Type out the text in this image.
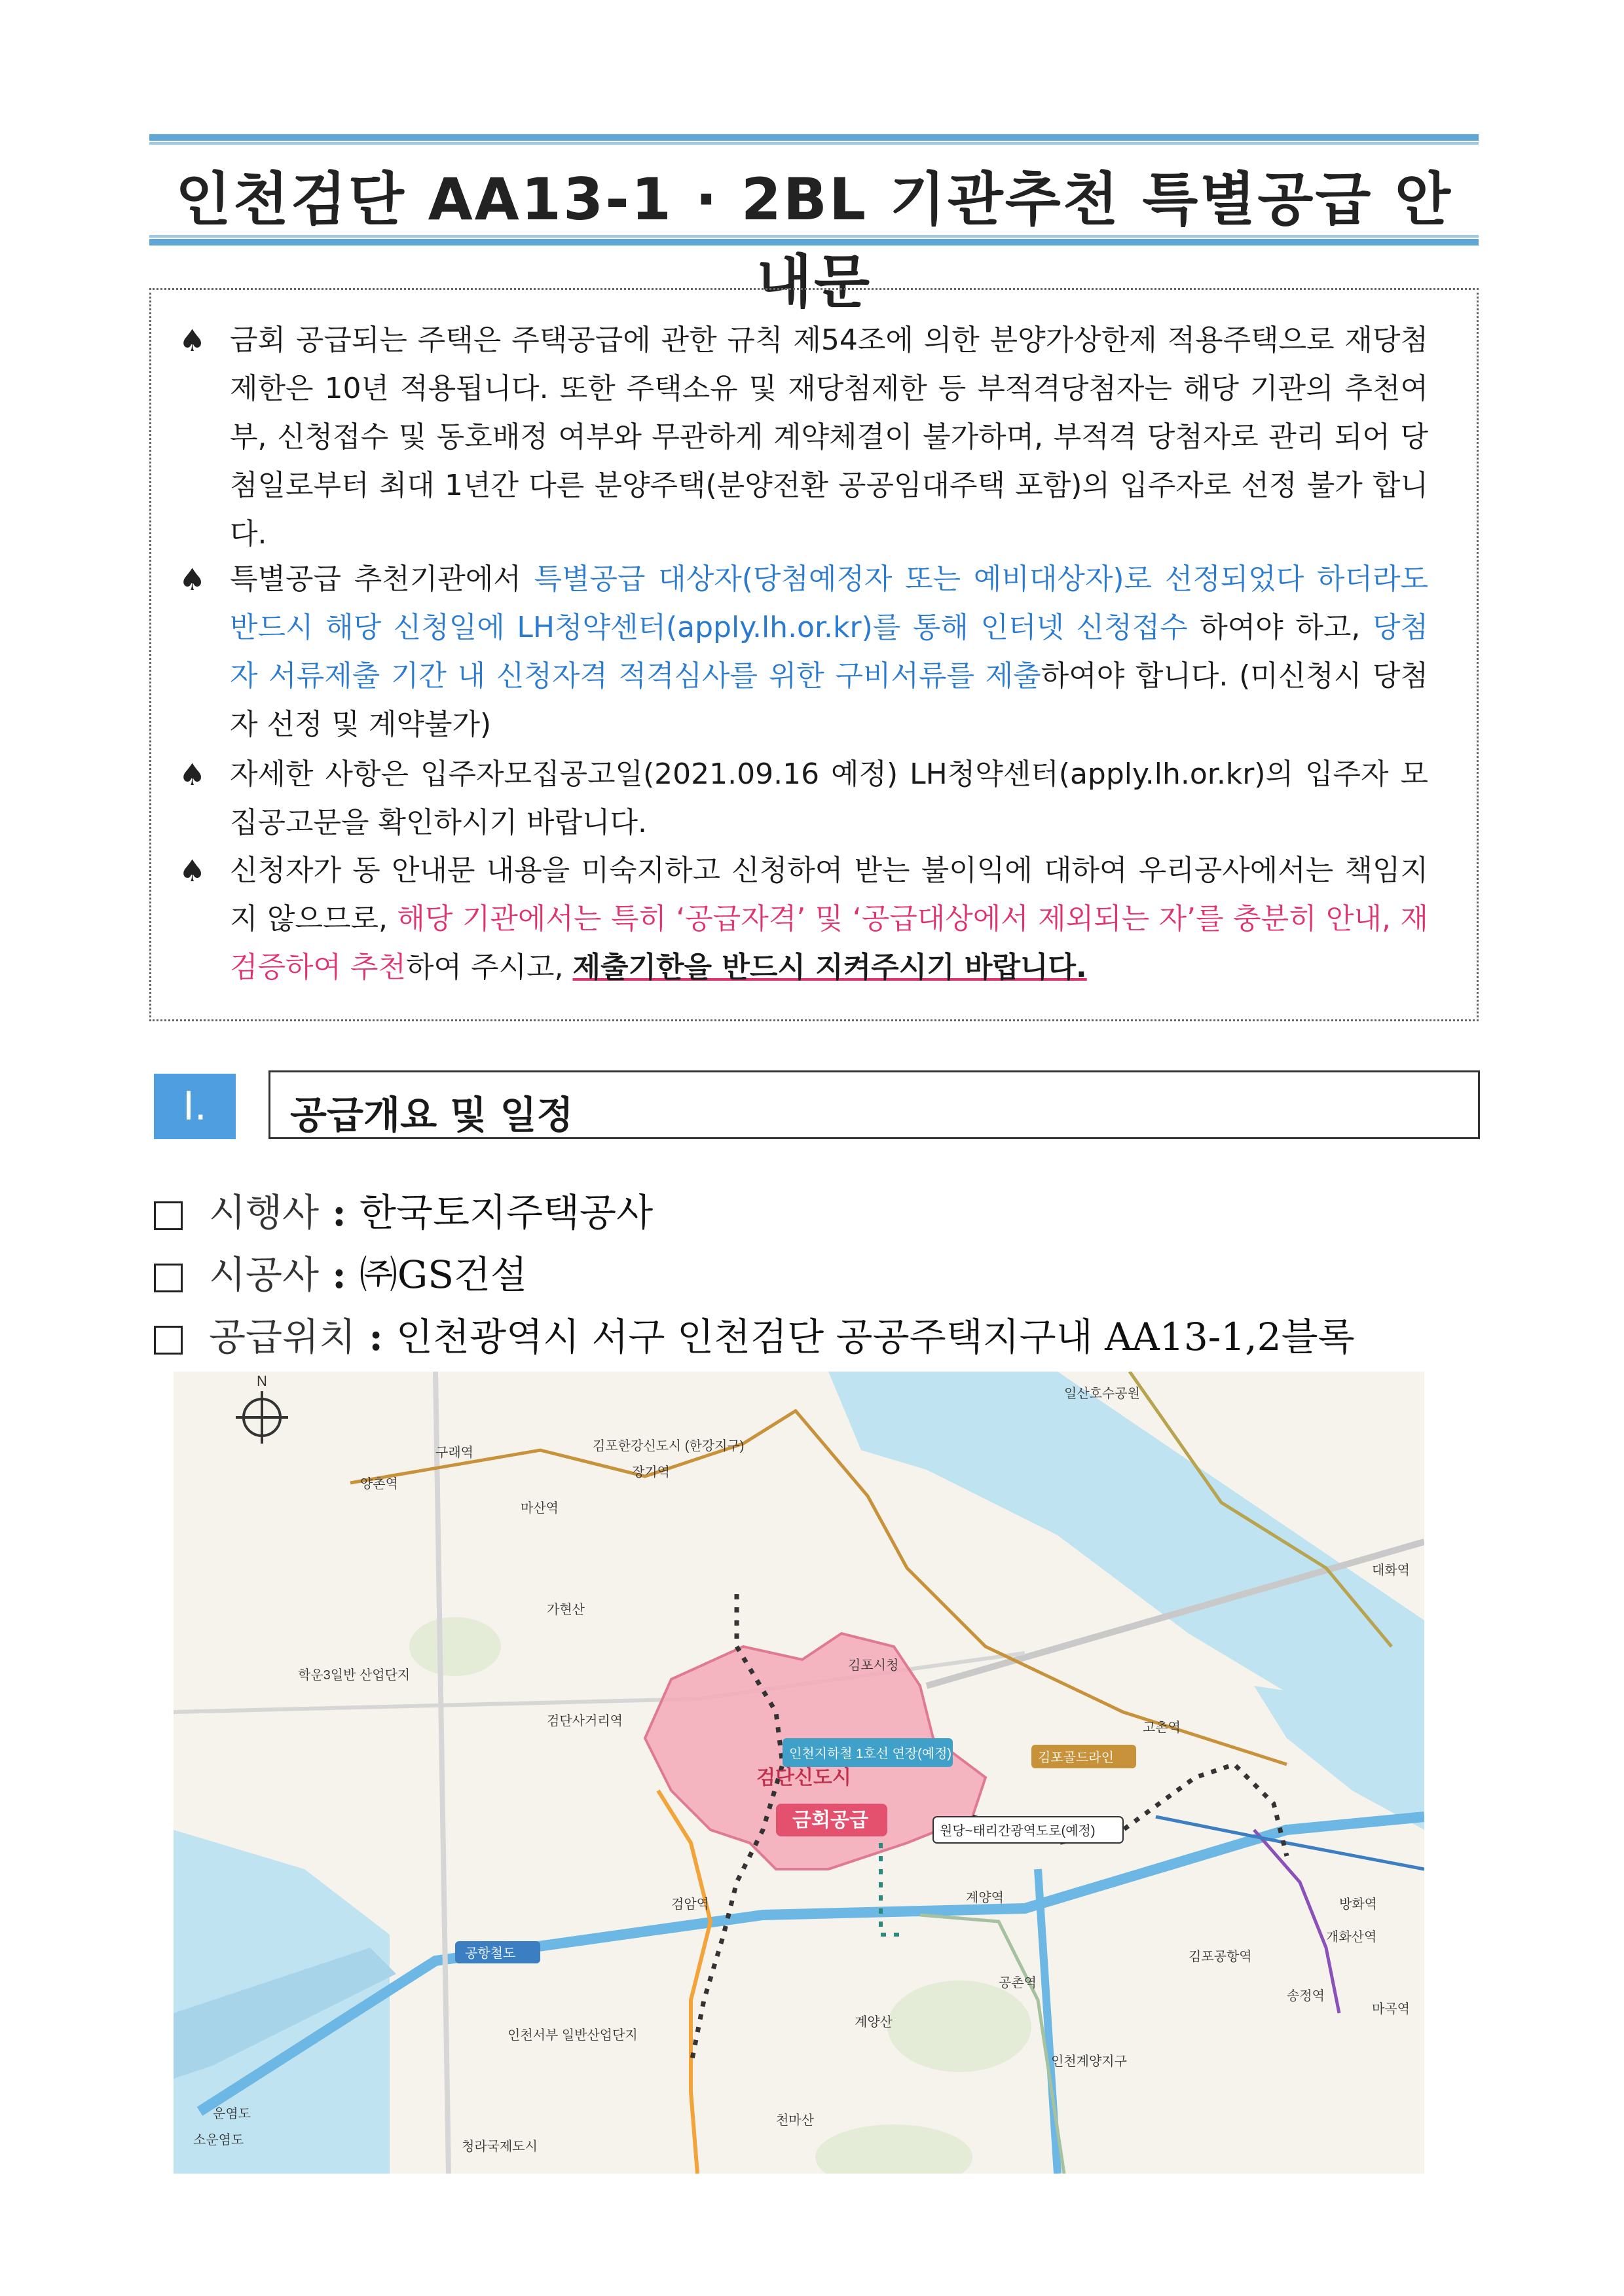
인천검단 AA13-1 · 2BL 기관추천 특별공급 안내문
♠ 금회 공급되는 주택은 주택공급에 관한 규칙 제54조에 의한 분양가상한제 적용주택으로 재당첨제한은 10년 적용됩니다. 또한 주택소유 및 재당첨제한 등 부적격당첨자는 해당 기관의 추천여부, 신청접수 및 동호배정 여부와 무관하게 계약체결이 불가하며, 부적격 당첨자로 관리 되어 당첨일로부터 최대 1년간 다른 분양주택(분양전환 공공임대주택 포함)의 입주자로 선정 불가 합니다.
♠ 특별공급 추천기관에서 특별공급 대상자(당첨예정자 또는 예비대상자)로 선정되었다 하더라도 반드시 해당 신청일에 LH청약센터(apply.lh.or.kr)를 통해 인터넷 신청접수 하여야 하고, 당첨자 서류제출 기간 내 신청자격 적격심사를 위한 구비서류를 제출하여야 합니다. (미신청시 당첨자 선정 및 계약불가)
♠ 자세한 사항은 입주자모집공고일(2021.09.16 예정) LH청약센터(apply.lh.or.kr)의 입주자 모집공고문을 확인하시기 바랍니다.
♠ 신청자가 동 안내문 내용을 미숙지하고 신청하여 받는 불이익에 대하여 우리공사에서는 책임지지 않으므로, 해당 기관에서는 특히 ‘공급자격’ 및 ‘공급대상에서 제외되는 자’를 충분히 안내, 재검증하여 추천하여 주시고, 제출기한을 반드시 지켜주시기 바랍니다.
Ⅰ.	공급개요 및 일정
시행사 : 한국토지주택공사
시공사 : ㈜GS건설
공급위치 : 인천광역시 서구 인천검단 공공주택지구내 AA13-1,2블록
N
인천지하철 1호선 연장(예정)
검단신도시
금회공급	원당~태리간광역도로(예정)
김포골드라인
공항철도	김포공항역
계양역
검암역
김포시청
일산호수공원
고촌역
김포한강신도시 (한강지구)
계양산
천마산
가현산
대화역
학운3일반 산업단지
인천서부 일반산업단지
청라국제도시
소운염도
운염도
마산역
장기역
구래역
양촌역
검단사거리역
송정역
마곡역
방화역
개화산역
인천계양지구
공촌역
